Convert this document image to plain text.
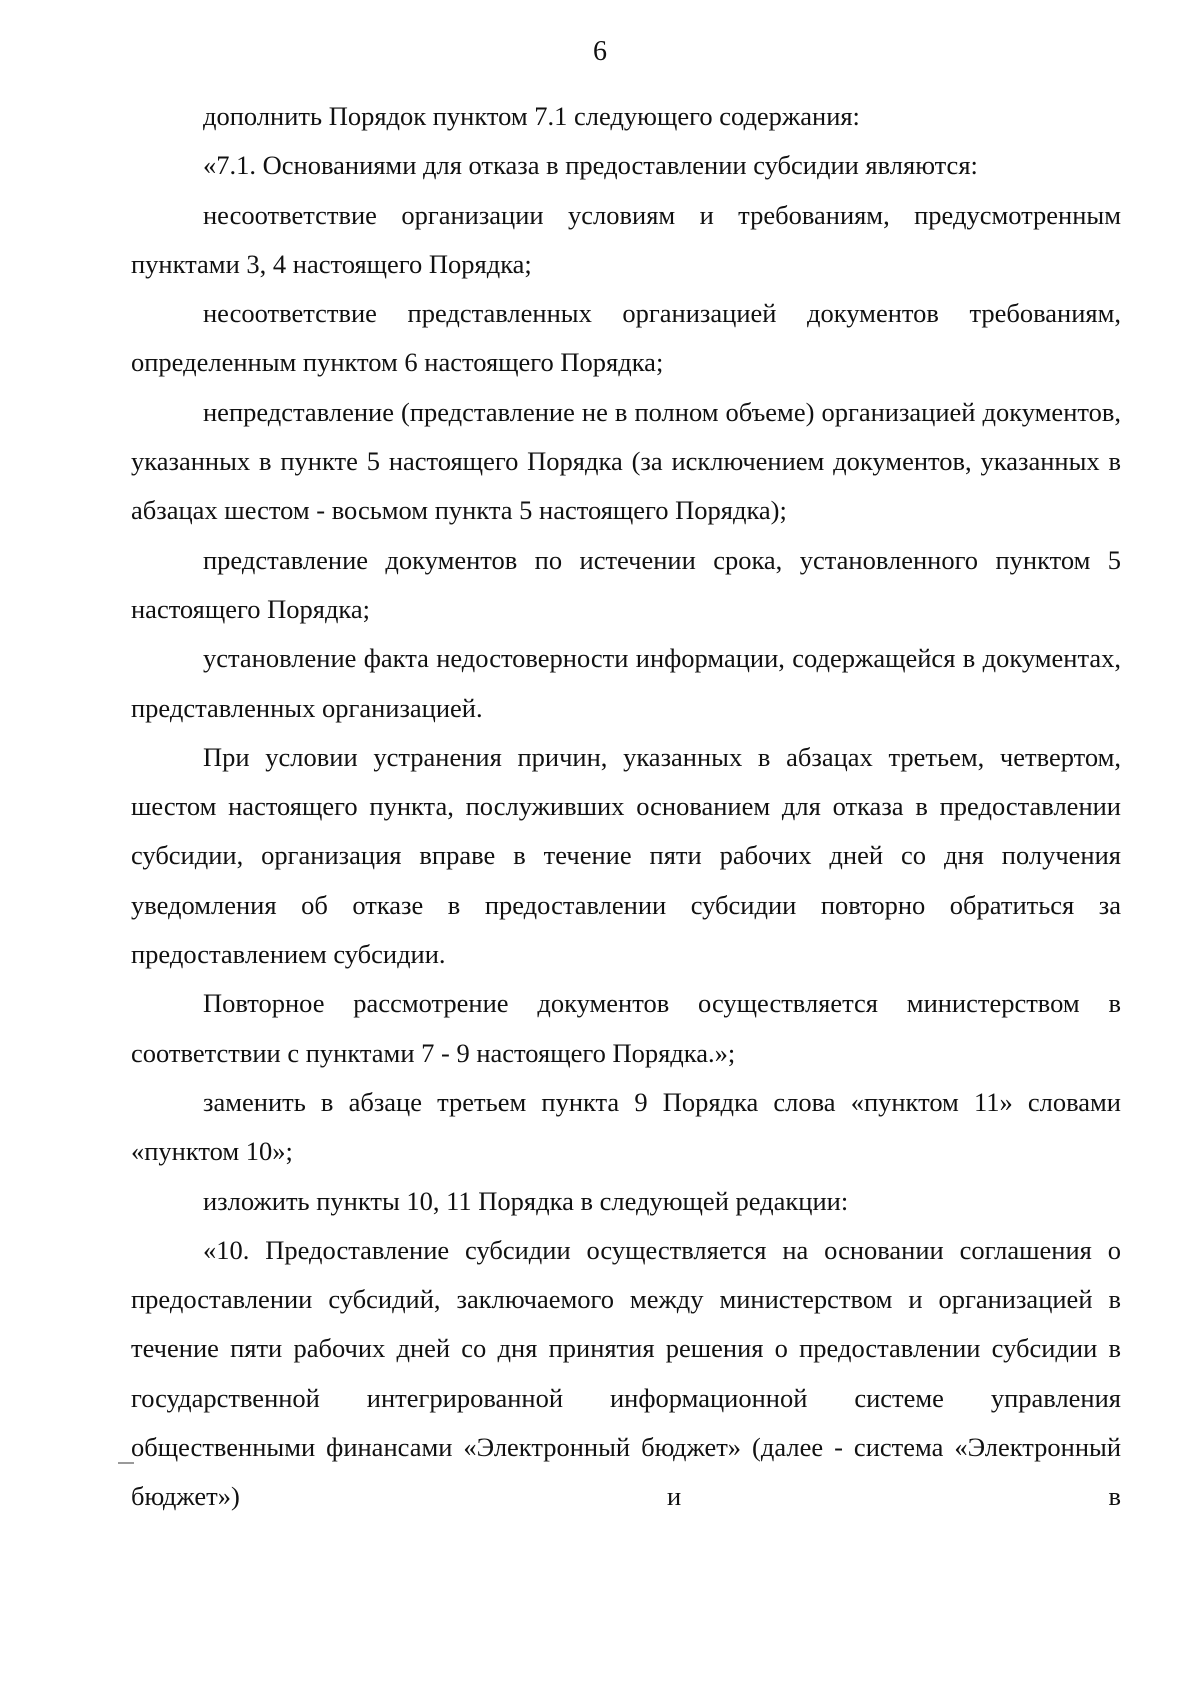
6

дополнить Порядок пунктом 7.1 следующего содержания:

«7.1. Основаниями для отказа в предоставлении субсидии являются:

несоответствие организации условиям и требованиям, предусмотренным пунктами 3, 4 настоящего Порядка;

несоответствие представленных организацией документов требованиям, определенным пунктом 6 настоящего Порядка;

непредставление (представление не в полном объеме) организацией документов, указанных в пункте 5 настоящего Порядка (за исключением документов, указанных в абзацах шестом - восьмом пункта 5 настоящего Порядка);

представление документов по истечении срока, установленного пунктом 5 настоящего Порядка;

установление факта недостоверности информации, содержащейся в документах, представленных организацией.

При условии устранения причин, указанных в абзацах третьем, четвертом, шестом настоящего пункта, послуживших основанием для отказа в предоставлении субсидии, организация вправе в течение пяти рабочих дней со дня получения уведомления об отказе в предоставлении субсидии повторно обратиться за предоставлением субсидии.

Повторное рассмотрение документов осуществляется министерством в соответствии с пунктами 7 - 9 настоящего Порядка.»;

заменить в абзаце третьем пункта 9 Порядка слова «пунктом 11» словами «пунктом 10»;

изложить пункты 10, 11 Порядка в следующей редакции:

«10. Предоставление субсидии осуществляется на основании соглашения о предоставлении субсидий, заключаемого между министерством и организацией в течение пяти рабочих дней со дня принятия решения о предоставлении субсидии в государственной интегрированной информационной системе управления общественными финансами «Электронный бюджет» (далее - система «Электронный бюджет») и в
